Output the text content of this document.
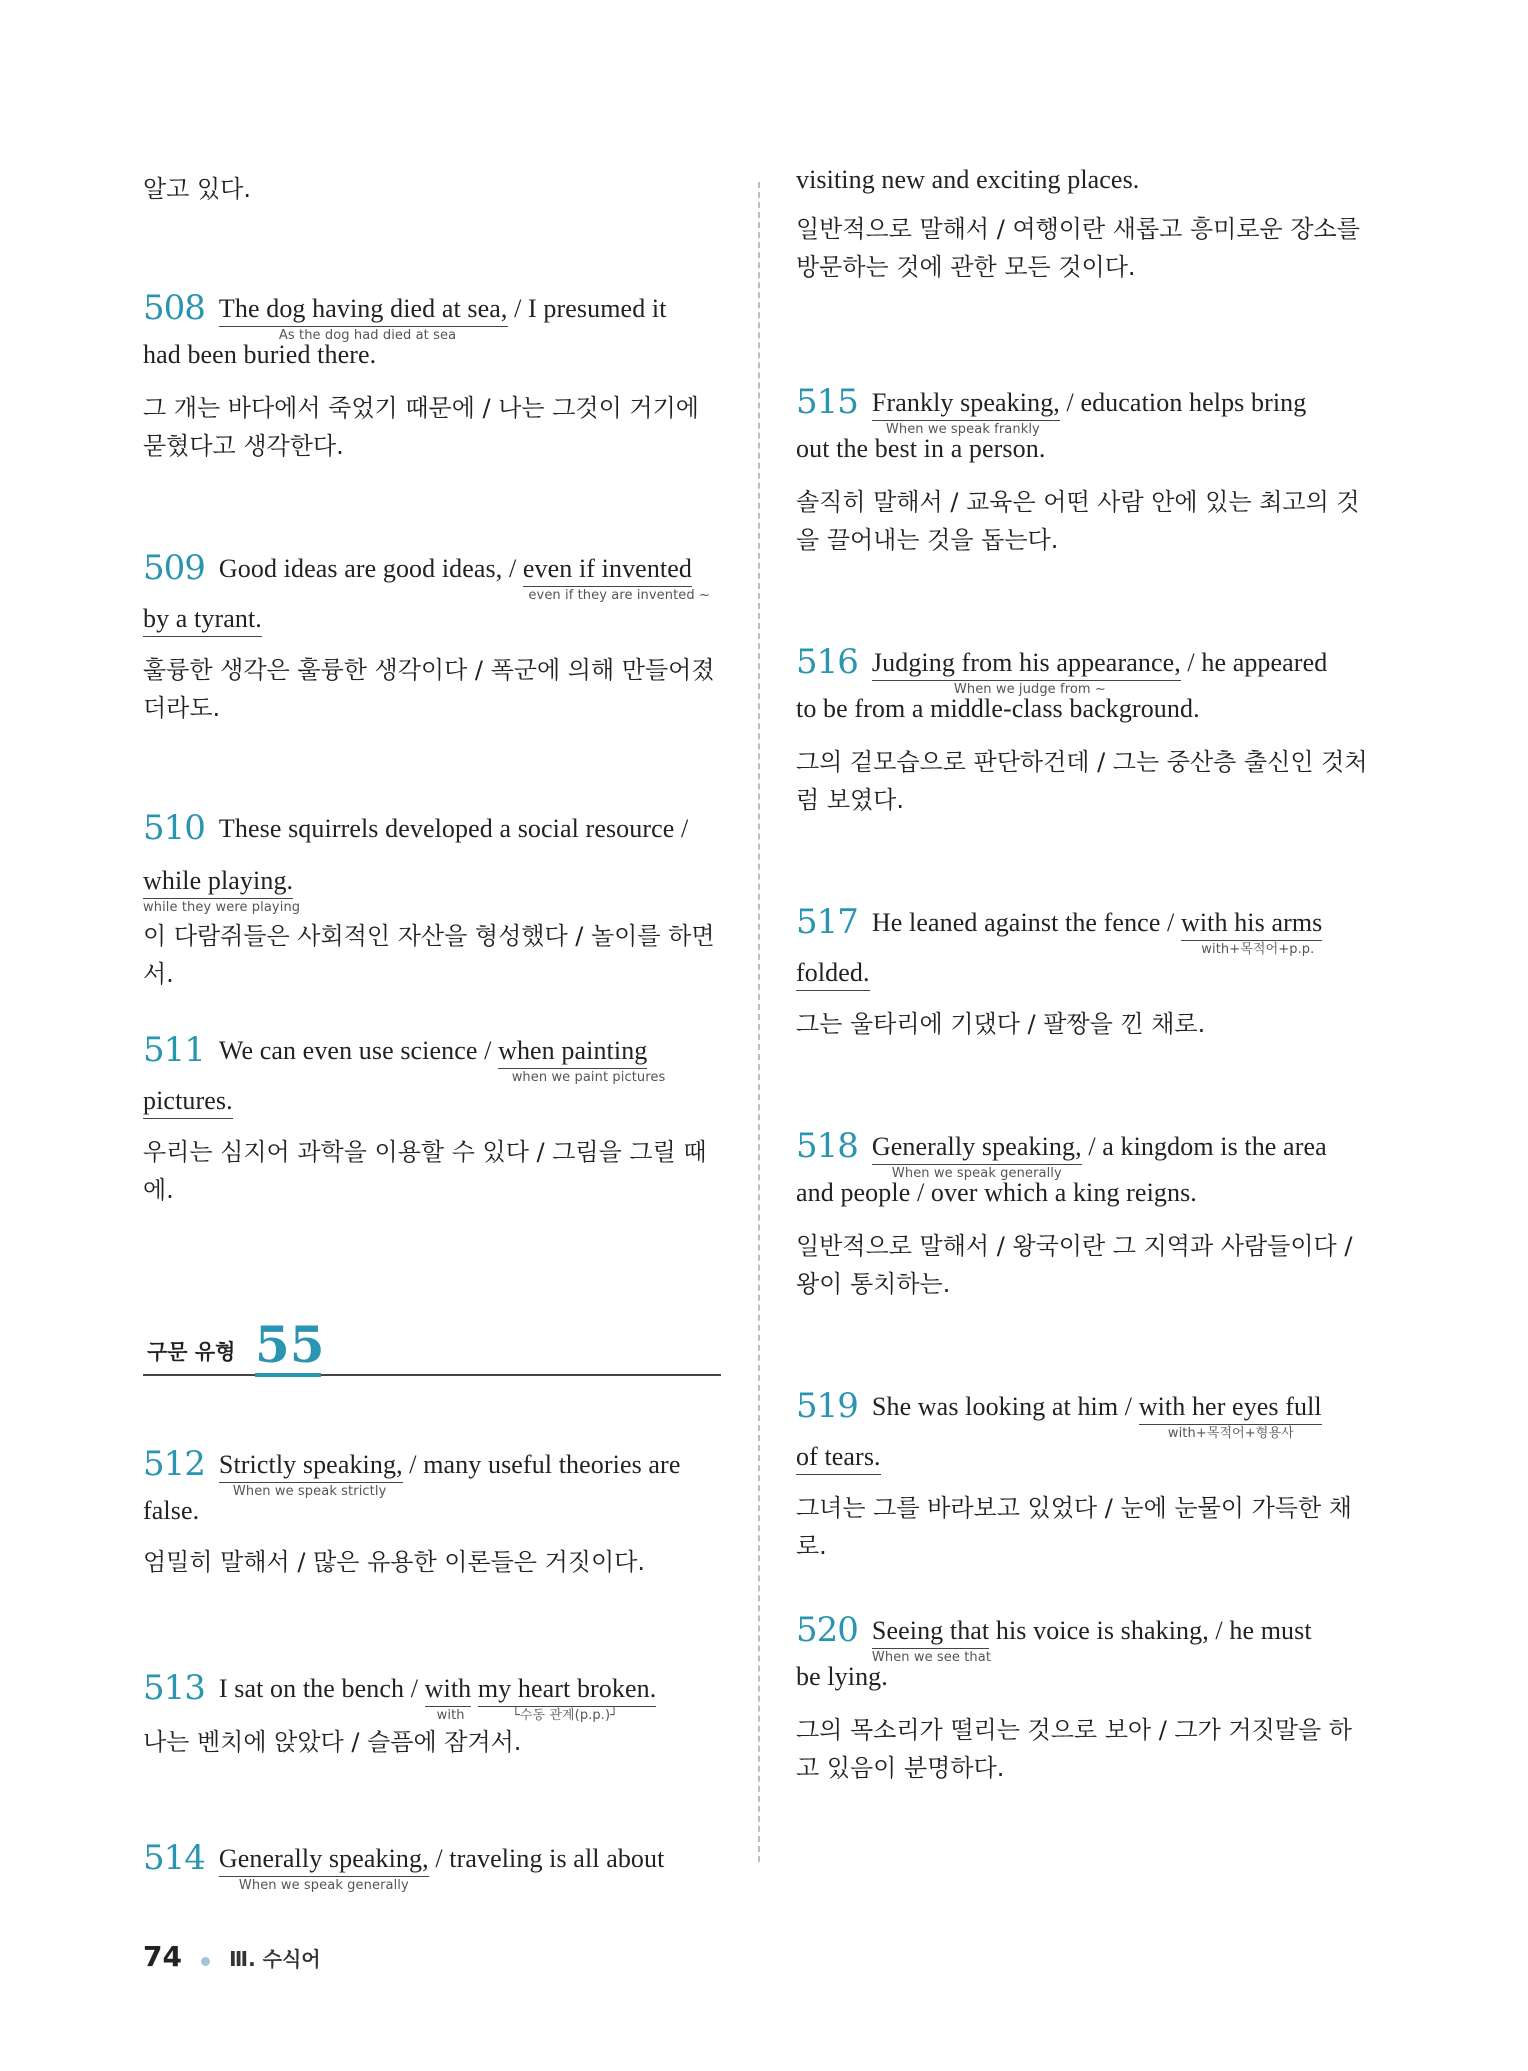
알고 있다.

508 The dog having died at sea,
As the dog had died at sea
/ I presumed it

had been buried there.

그 개는 바다에서 죽었기 때문에 / 나는 그것이 거기에 묻혔다고 생각한다.

509 Good ideas are good ideas, / even if invented
even if they are invented ~

by a tyrant.

훌륭한 생각은 훌륭한 생각이다 / 폭군에 의해 만들어졌더라도.

510 These squirrels developed a social resource /

while playing.
while they were playing

이 다람쥐들은 사회적인 자산을 형성했다 / 놀이를 하면서.

511 We can even use science / when painting
when we paint pictures

pictures.

우리는 심지어 과학을 이용할 수 있다 / 그림을 그릴 때에.

구문 유형 55

512 Strictly speaking,
When we speak strictly
/ many useful theories are

false.

엄밀히 말해서 / 많은 유용한 이론들은 거짓이다.

513 I sat on the bench / with
with
my heart broken.
└수동 관계(p.p.)┘

나는 벤치에 앉았다 / 슬픔에 잠겨서.

514 Generally speaking,
When we speak generally
/ traveling is all about

visiting new and exciting places.

일반적으로 말해서 / 여행이란 새롭고 흥미로운 장소를 방문하는 것에 관한 모든 것이다.

515 Frankly speaking,
When we speak frankly
/ education helps bring

out the best in a person.

솔직히 말해서 / 교육은 어떤 사람 안에 있는 최고의 것을 끌어내는 것을 돕는다.

516 Judging from his appearance,
When we judge from ~
/ he appeared

to be from a middle-class background.

그의 겉모습으로 판단하건데 / 그는 중산층 출신인 것처럼 보였다.

517 He leaned against the fence / with his arms
with+목적어+p.p.

folded.

그는 울타리에 기댔다 / 팔짱을 낀 채로.

518 Generally speaking,
When we speak generally
/ a kingdom is the area

and people / over which a king reigns.

일반적으로 말해서 / 왕국이란 그 지역과 사람들이다 / 왕이 통치하는.

519 She was looking at him / with her eyes full
with+목적어+형용사

of tears.

그녀는 그를 바라보고 있었다 / 눈에 눈물이 가득한 채로.

520 Seeing that
When we see that
his voice is shaking, / he must

be lying.

그의 목소리가 떨리는 것으로 보아 / 그가 거짓말을 하고 있음이 분명하다.

74 Ⅲ. 수식어
